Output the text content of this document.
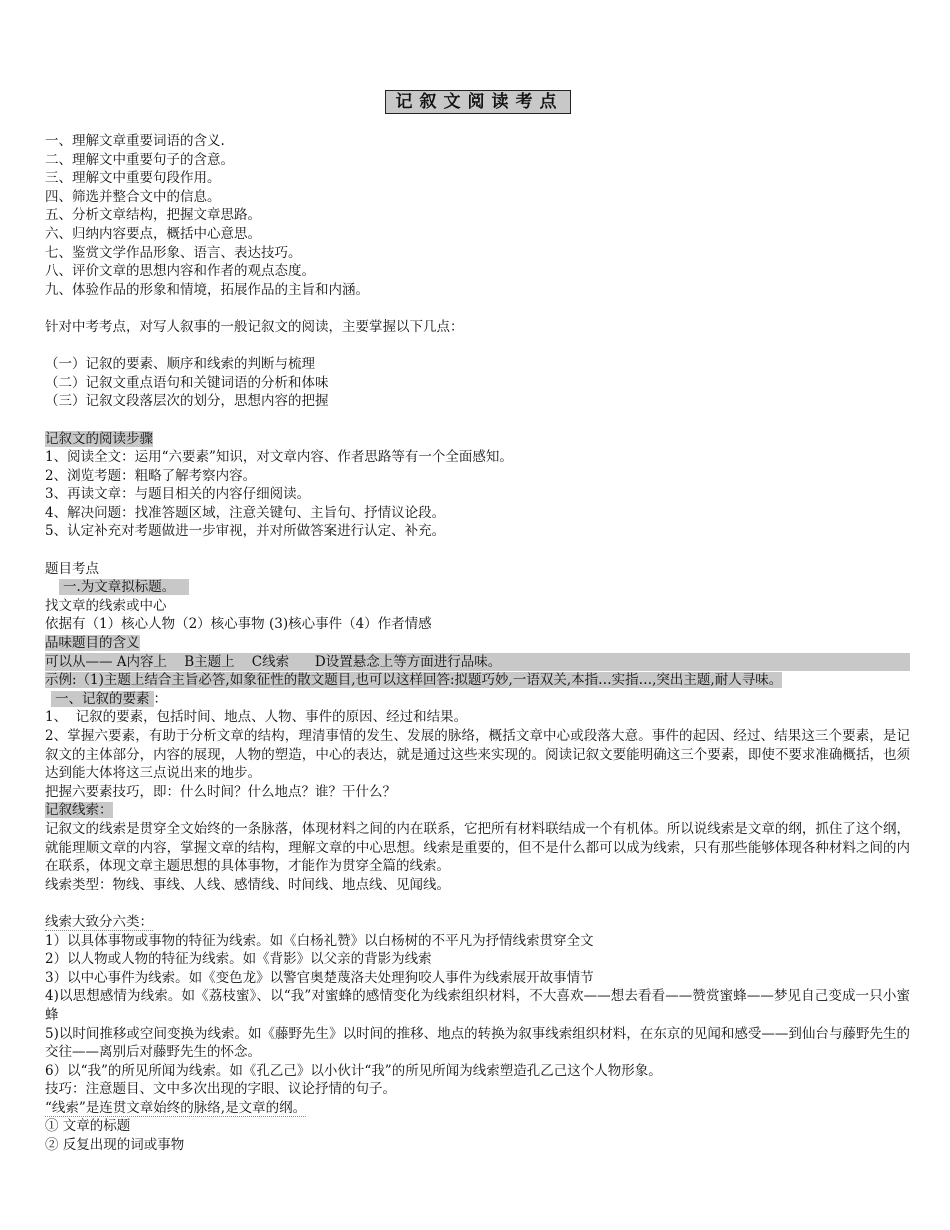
记叙文阅读考点
一、理解文章重要词语的含义.
二、理解文中重要句子的含意。
三、理解文中重要句段作用。
四、筛选并整合文中的信息。
五、分析文章结构，把握文章思路。
六、归纳内容要点，概括中心意思。
七、鉴赏文学作品形象、语言、表达技巧。
八、评价文章的思想内容和作者的观点态度。
九、体验作品的形象和情境，拓展作品的主旨和内涵。
针对中考考点，对写人叙事的一般记叙文的阅读，主要掌握以下几点：
（一）记叙的要素、顺序和线索的判断与梳理
（二）记叙文重点语句和关键词语的分析和体味
（三）记叙文段落层次的划分，思想内容的把握
记叙文的阅读步骤
1、阅读全文：运用“六要素”知识，对文章内容、作者思路等有一个全面感知。
2、浏览考题：粗略了解考察内容。
3、再读文章：与题目相关的内容仔细阅读。
4、解决问题：找准答题区域，注意关键句、主旨句、抒情议论段。
5、认定补充对考题做进一步审视，并对所做答案进行认定、补充。
题目考点
一.为文章拟标题。
找文章的线索或中心
依据有（1）核心人物（2）核心事物 (3)核心事件（4）作者情感
品味题目的含义
可以从—— A内容上    B主题上    C线索      D设置悬念上等方面进行品味。
示例:（1)主题上结合主旨必答,如象征性的散文题目,也可以这样回答:拟题巧妙,一语双关,本指…实指…,突出主题,耐人寻味。
一、记叙的要素 ：
1、  记叙的要素，包括时间、地点、人物、事件的原因、经过和结果。
2、掌握六要素，有助于分析文章的结构，理清事情的发生、发展的脉络，概括文章中心或段落大意。事件的起因、经过、结果这三个要素，是记叙文的主体部分，内容的展现，人物的塑造，中心的表达，就是通过这些来实现的。阅读记叙文要能明确这三个要素，即使不要求准确概括，也须达到能大体将这三点说出来的地步。
把握六要素技巧，即：什么时间？什么地点？谁？干什么？
记叙线索：
记叙文的线索是贯穿全文始终的一条脉落，体现材料之间的内在联系，它把所有材料联结成一个有机体。所以说线索是文章的纲，抓住了这个纲，就能理顺文章的内容，掌握文章的结构，理解文章的中心思想。线索是重要的，但不是什么都可以成为线索，只有那些能够体现各种材料之间的内在联系，体现文章主题思想的具体事物，才能作为贯穿全篇的线索。
线索类型：物线、事线、人线、感情线、时间线、地点线、见闻线。
线索大致分六类：
1）以具体事物或事物的特征为线索。如《白杨礼赞》以白杨树的不平凡为抒情线索贯穿全文
2）以人物或人物的特征为线索。如《背影》以父亲的背影为线索
3）以中心事件为线索。如《变色龙》以警官奥楚蔑洛夫处理狗咬人事件为线索展开故事情节
4)以思想感情为线索。如《荔枝蜜》、以“我”对蜜蜂的感情变化为线索组织材料，不大喜欢——想去看看——赞赏蜜蜂——梦见自己变成一只小蜜蜂
5)以时间推移或空间变换为线索。如《藤野先生》以时间的推移、地点的转换为叙事线索组织材料，在东京的见闻和感受——到仙台与藤野先生的交往——离别后对藤野先生的怀念。
6）以“我”的所见所闻为线索。如《孔乙己》以小伙计“我”的所见所闻为线索塑造孔乙己这个人物形象。
技巧：注意题目、文中多次出现的字眼、议论抒情的句子。
“线索”是连贯文章始终的脉络,是文章的纲。
① 文章的标题
② 反复出现的词或事物
